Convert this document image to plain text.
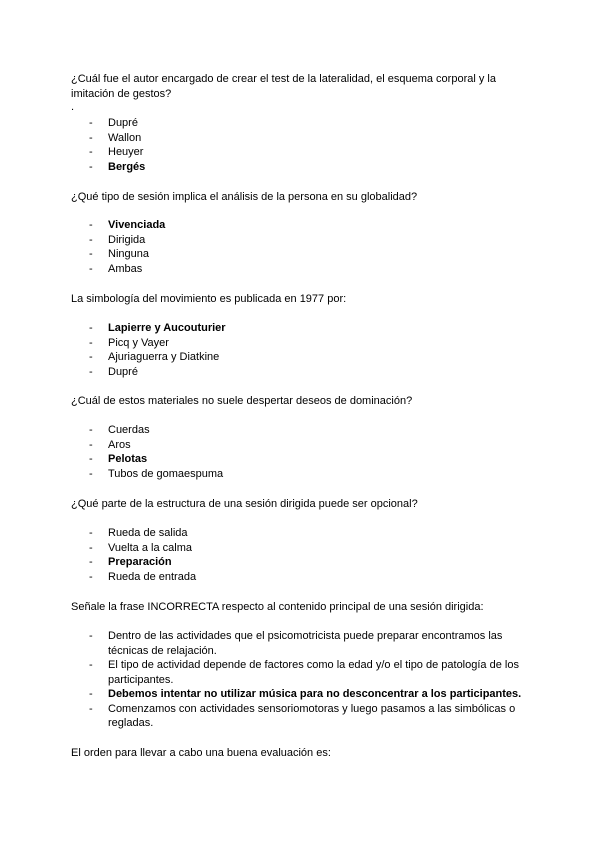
¿Cuál fue el autor encargado de crear el test de la lateralidad, el esquema corporal y la imitación de gestos?

.

- Dupré
- Wallon
- Heuyer
- Bergés

¿Qué tipo de sesión implica el análisis de la persona en su globalidad?

- Vivenciada
- Dirigida
- Ninguna
- Ambas

La simbología del movimiento es publicada en 1977 por:

- Lapierre y Aucouturier
- Picq y Vayer
- Ajuriaguerra y Diatkine
- Dupré

¿Cuál de estos materiales no suele despertar deseos de dominación?

- Cuerdas
- Aros
- Pelotas
- Tubos de gomaespuma

¿Qué parte de la estructura de una sesión dirigida puede ser opcional?

- Rueda de salida
- Vuelta a la calma
- Preparación
- Rueda de entrada

Señale la frase INCORRECTA respecto al contenido principal de una sesión dirigida:

- Dentro de las actividades que el psicomotricista puede preparar encontramos las técnicas de relajación.
- El tipo de actividad depende de factores como la edad y/o el tipo de patología de los participantes.
- Debemos intentar no utilizar música para no desconcentrar a los participantes.
- Comenzamos con actividades sensoriomotoras y luego pasamos a las simbólicas o regladas.

El orden para llevar a cabo una buena evaluación es:
